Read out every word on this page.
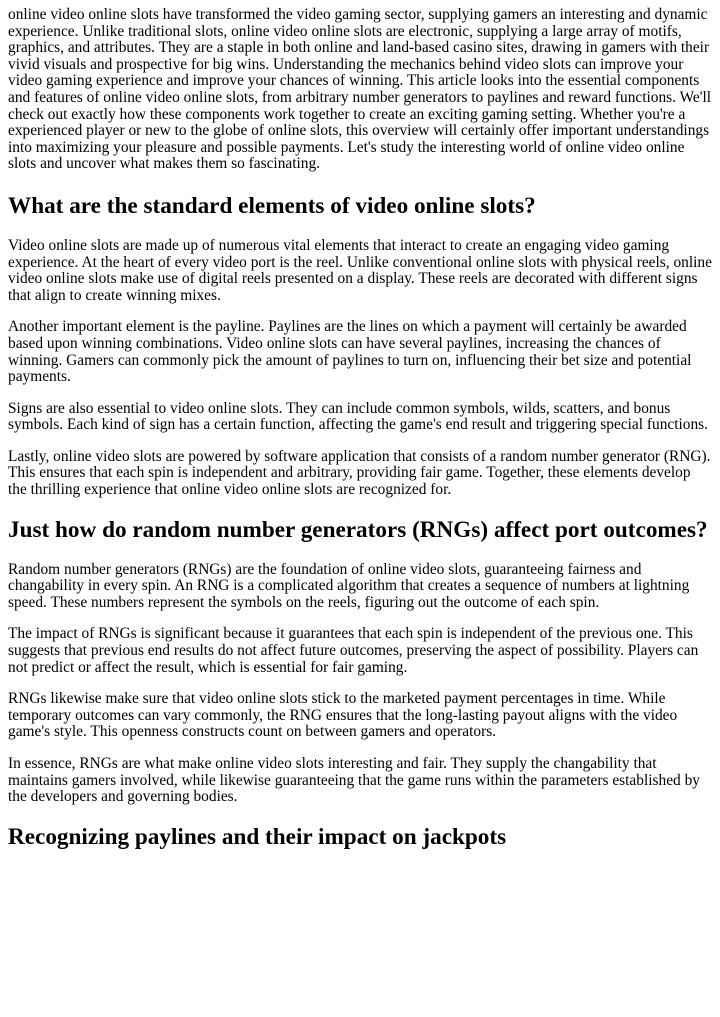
online video online slots have transformed the video gaming sector, supplying gamers an interesting and dynamic experience. Unlike traditional slots, online video online slots are electronic, supplying a large array of motifs, graphics, and attributes. They are a staple in both online and land-based casino sites, drawing in gamers with their vivid visuals and prospective for big wins. Understanding the mechanics behind video slots can improve your video gaming experience and improve your chances of winning. This article looks into the essential components and features of online video online slots, from arbitrary number generators to paylines and reward functions. We'll check out exactly how these components work together to create an exciting gaming setting. Whether you're a experienced player or new to the globe of online slots, this overview will certainly offer important understandings into maximizing your pleasure and possible payments. Let's study the interesting world of online video online slots and uncover what makes them so fascinating.

What are the standard elements of video online slots?

Video online slots are made up of numerous vital elements that interact to create an engaging video gaming experience. At the heart of every video port is the reel. Unlike conventional online slots with physical reels, online video online slots make use of digital reels presented on a display. These reels are decorated with different signs that align to create winning mixes.

Another important element is the payline. Paylines are the lines on which a payment will certainly be awarded based upon winning combinations. Video online slots can have several paylines, increasing the chances of winning. Gamers can commonly pick the amount of paylines to turn on, influencing their bet size and potential payments.

Signs are also essential to video online slots. They can include common symbols, wilds, scatters, and bonus symbols. Each kind of sign has a certain function, affecting the game's end result and triggering special functions.

Lastly, online video slots are powered by software application that consists of a random number generator (RNG). This ensures that each spin is independent and arbitrary, providing fair game. Together, these elements develop the thrilling experience that online video online slots are recognized for.

Just how do random number generators (RNGs) affect port outcomes?

Random number generators (RNGs) are the foundation of online video slots, guaranteeing fairness and changability in every spin. An RNG is a complicated algorithm that creates a sequence of numbers at lightning speed. These numbers represent the symbols on the reels, figuring out the outcome of each spin.

The impact of RNGs is significant because it guarantees that each spin is independent of the previous one. This suggests that previous end results do not affect future outcomes, preserving the aspect of possibility. Players can not predict or affect the result, which is essential for fair gaming.

RNGs likewise make sure that video online slots stick to the marketed payment percentages in time. While temporary outcomes can vary commonly, the RNG ensures that the long-lasting payout aligns with the video game's style. This openness constructs count on between gamers and operators.

In essence, RNGs are what make online video slots interesting and fair. They supply the changability that maintains gamers involved, while likewise guaranteeing that the game runs within the parameters established by the developers and governing bodies.

Recognizing paylines and their impact on jackpots
